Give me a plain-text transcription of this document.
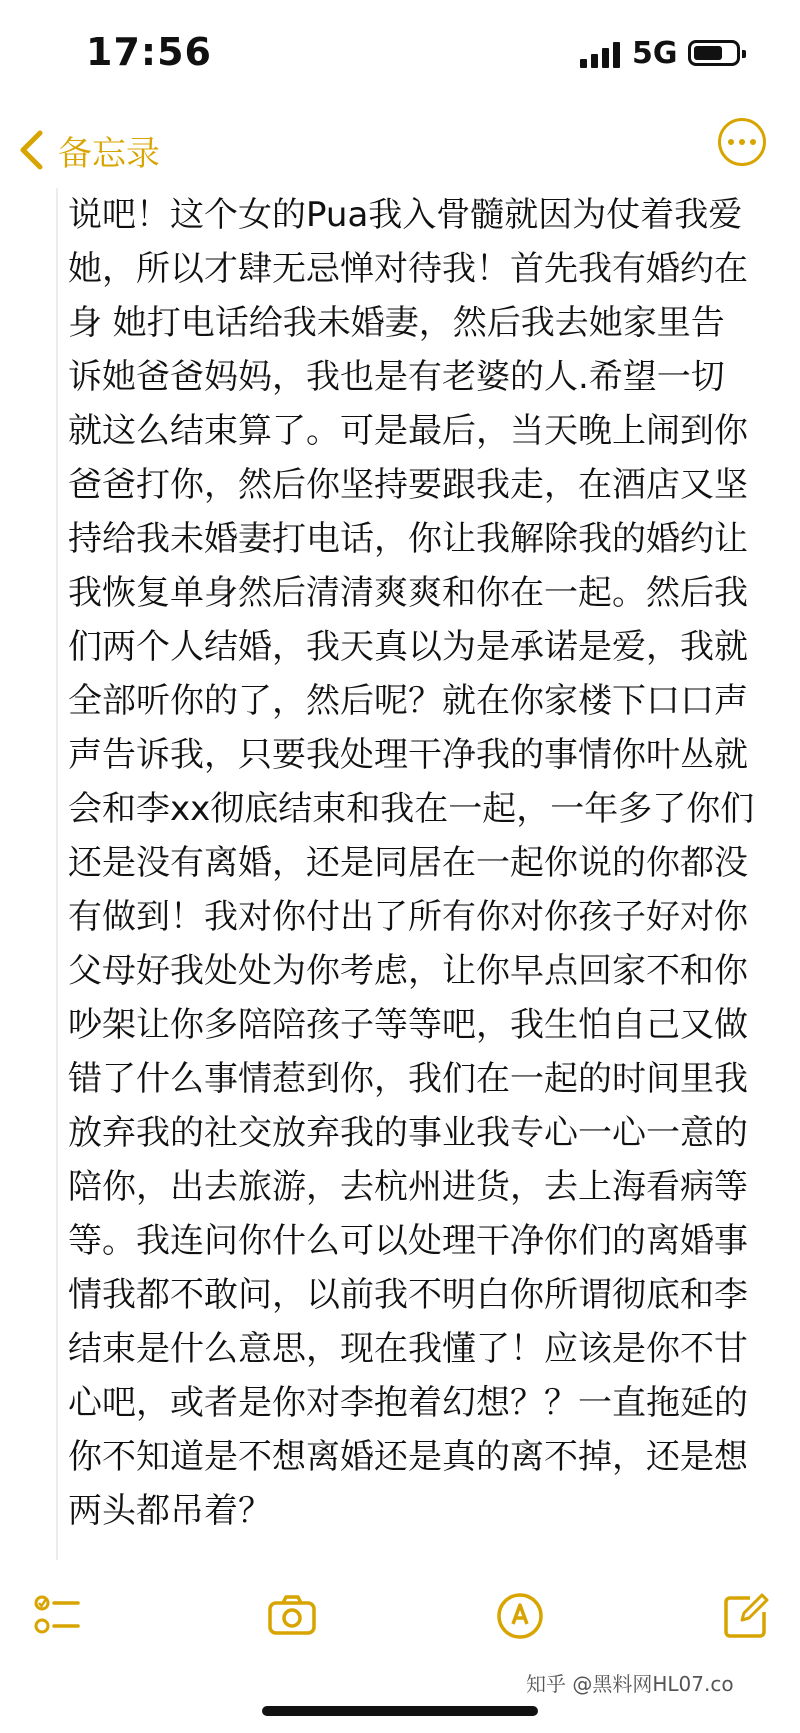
17:56	5G
备忘录
说吧！这个女的Pua我入骨髓就因为仗着我爱她，所以才肆无忌惮对待我！首先我有婚约在身 她打电话给我未婚妻，然后我去她家里告诉她爸爸妈妈，我也是有老婆的人.希望一切就这么结束算了。可是最后，当天晚上闹到你爸爸打你，然后你坚持要跟我走，在酒店又坚持给我未婚妻打电话，你让我解除我的婚约让我恢复单身然后清清爽爽和你在一起。然后我们两个人结婚，我天真以为是承诺是爱，我就全部听你的了，然后呢？就在你家楼下口口声声告诉我，只要我处理干净我的事情你叶丛就会和李xx彻底结束和我在一起，一年多了你们还是没有离婚，还是同居在一起你说的你都没有做到！我对你付出了所有你对你孩子好对你父母好我处处为你考虑，让你早点回家不和你吵架让你多陪陪孩子等等吧，我生怕自己又做错了什么事情惹到你，我们在一起的时间里我放弃我的社交放弃我的事业我专心一心一意的陪你，出去旅游，去杭州进货，去上海看病等等。我连问你什么可以处理干净你们的离婚事情我都不敢问，以前我不明白你所谓彻底和李结束是什么意思，现在我懂了！应该是你不甘心吧，或者是你对李抱着幻想？？一直拖延的你不知道是不想离婚还是真的离不掉，还是想两头都吊着？
知乎 @黑料网HL07.co
